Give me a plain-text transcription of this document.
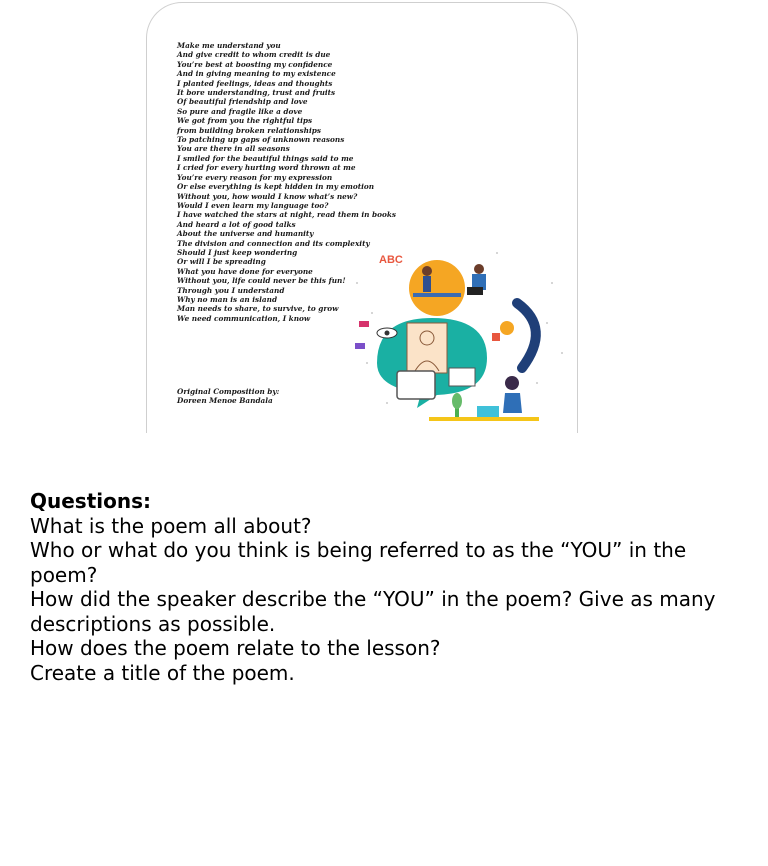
Make me understand you
And give credit to whom credit is due
You’re best at boosting my confidence
And in giving meaning to my existence
I planted feelings, ideas and thoughts
It bore understanding, trust and fruits
Of beautiful friendship and love
So pure and fragile like a dove
We got from you the rightful tips
from building broken relationships
To patching up gaps of unknown reasons
You are there in all seasons
I smiled for the beautiful things said to me
I cried for every hurting word thrown at me
You’re every reason for my expression
Or else everything is kept hidden in my emotion
Without you, how would I know what’s new?
Would I even learn my language too?
I have watched the stars at night, read them in books
And heard a lot of good talks
About the universe and humanity
The division and connection and its complexity
Should I just keep wondering
Or will I be spreading
What you have done for everyone
Without you, life could never be this fun!
Through you I understand
Why no man is an island
Man needs to share, to survive, to grow
We need communication, I know
Original Composition by:
Doreen Menoe Bandala
ABC
Questions:
What is the poem all about?
Who or what do you think is being referred to as the “YOU” in the poem?
How did the speaker describe the “YOU” in the poem? Give as many descriptions as possible.
How does the poem relate to the lesson?
Create a title of the poem.
